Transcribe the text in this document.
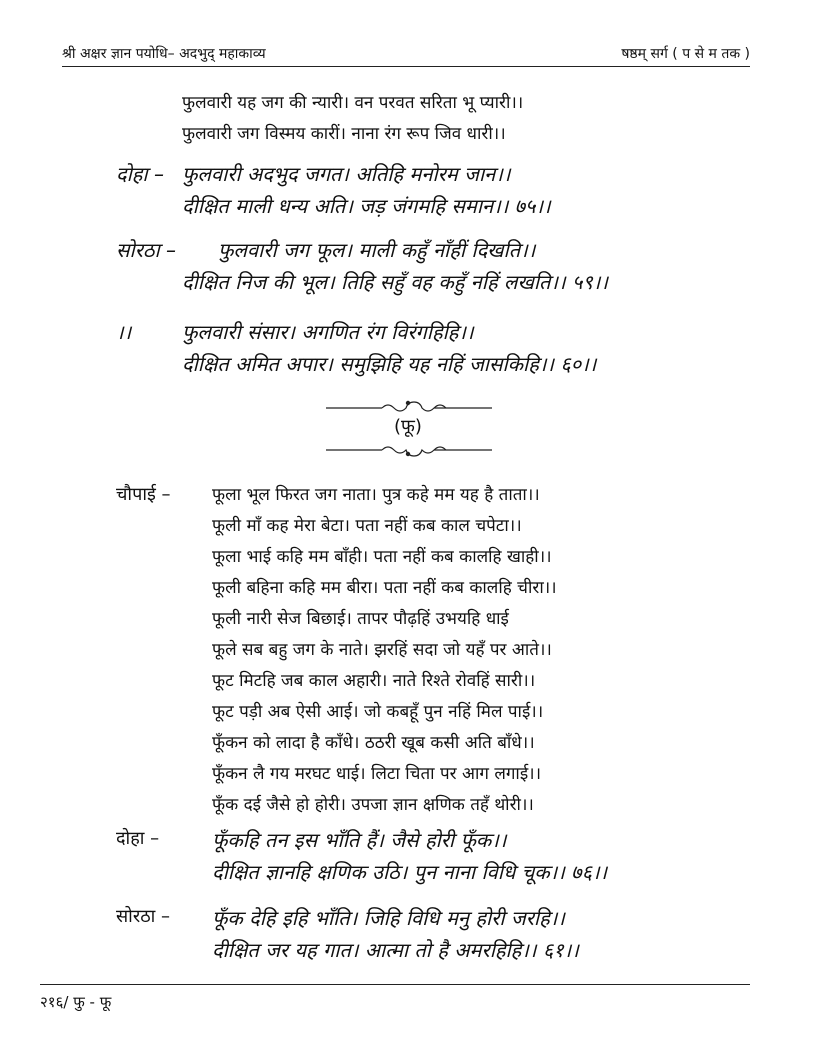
श्री अक्षर ज्ञान पयोधि– अदभुद् महाकाव्य	षष्ठम् सर्ग ( प से म तक )
फुलवारी यह जग की न्यारी। वन परवत सरिता भू प्यारी।।
फुलवारी जग विस्मय कारीं। नाना रंग रूप जिव धारी।।
दोहा – फुलवारी अदभुद जगत। अतिहि मनोरम जान।।
दीक्षित माली धन्य अति। जड़ जंगमहि समान।। ७५।।
सोरठा – फुलवारी जग फूल। माली कहुँ नाँहीं दिखति।।
दीक्षित निज की भूल। तिहि सहुँ वह कहुँ नहिं लखति।। ५९।।
।।	फुलवारी संसार। अगणित रंग विरंगहिहि।।
दीक्षित अमित अपार। समुझिहि यह नहिं जासकिहि।। ६०।।
(फू)
चौपाई – फूला भूल फिरत जग नाता। पुत्र कहे मम यह है ताता।।
फूली माँ कह मेरा बेटा। पता नहीं कब काल चपेटा।।
फूला भाई कहि मम बाँही। पता नहीं कब कालहि खाही।।
फूली बहिना कहि मम बीरा। पता नहीं कब कालहि चीरा।।
फूली नारी सेज बिछाई। तापर पौढ़हिं उभयहि धाई
फूले सब बहु जग के नाते। झरहिं सदा जो यहँ पर आते।।
फूट मिटहि जब काल अहारी। नाते रिश्ते रोवहिं सारी।।
फूट पड़ी अब ऐसी आई। जो कबहूँ पुन नहिं मिल पाई।।
फूँकन को लादा है काँधे। ठठरी खूब कसी अति बाँधे।।
फूँकन लै गय मरघट धाई। लिटा चिता पर आग लगाई।।
फूँक दई जैसे हो होरी। उपजा ज्ञान क्षणिक तहँ थोरी।।
दोहा –	फूँकहि तन इस भाँति हैं। जैसे होरी फूँक।।
दीक्षित ज्ञानहि क्षणिक उठि। पुन नाना विधि चूक।। ७६।।
सोरठा – फूँक देहि इहि भाँति। जिहि विधि मनु होरी जरहि।।
दीक्षित जर यह गात। आत्मा तो है अमरहिहि।। ६१।।
२१६/ फु - फू
